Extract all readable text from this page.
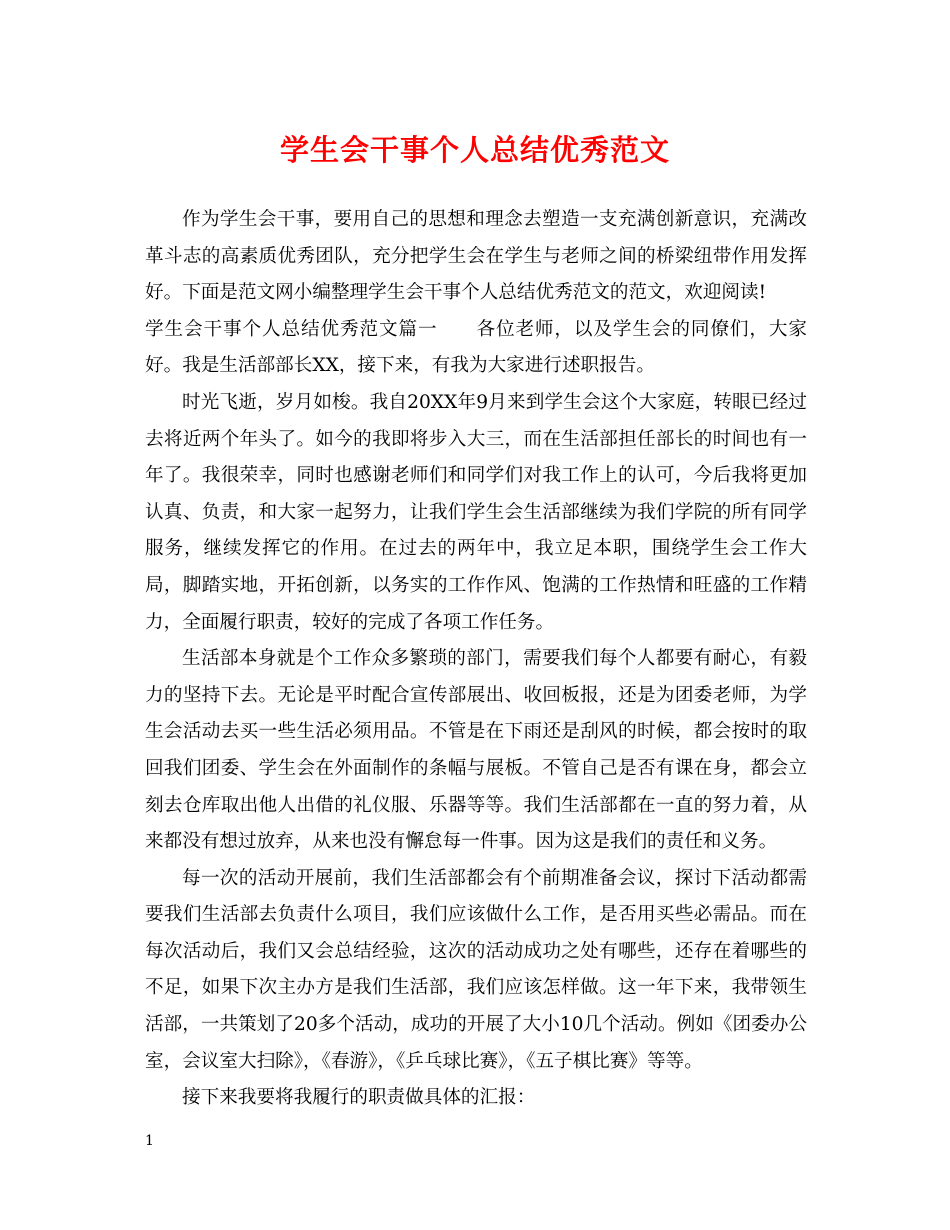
学生会干事个人总结优秀范文

作为学生会干事，要用自己的思想和理念去塑造一支充满创新意识，充满改革斗志的高素质优秀团队，充分把学生会在学生与老师之间的桥梁纽带作用发挥好。下面是范文网小编整理学生会干事个人总结优秀范文的范文，欢迎阅读!

学生会干事个人总结优秀范文篇一　　各位老师，以及学生会的同僚们，大家好。我是生活部部长XX，接下来，有我为大家进行述职报告。

时光飞逝，岁月如梭。我自20XX年9月来到学生会这个大家庭，转眼已经过去将近两个年头了。如今的我即将步入大三，而在生活部担任部长的时间也有一年了。我很荣幸，同时也感谢老师们和同学们对我工作上的认可，今后我将更加认真、负责，和大家一起努力，让我们学生会生活部继续为我们学院的所有同学服务，继续发挥它的作用。在过去的两年中，我立足本职，围绕学生会工作大局，脚踏实地，开拓创新，以务实的工作作风、饱满的工作热情和旺盛的工作精力，全面履行职责，较好的完成了各项工作任务。

生活部本身就是个工作众多繁琐的部门，需要我们每个人都要有耐心，有毅力的坚持下去。无论是平时配合宣传部展出、收回板报，还是为团委老师，为学生会活动去买一些生活必须用品。不管是在下雨还是刮风的时候，都会按时的取回我们团委、学生会在外面制作的条幅与展板。不管自己是否有课在身，都会立刻去仓库取出他人出借的礼仪服、乐器等等。我们生活部都在一直的努力着，从来都没有想过放弃，从来也没有懈怠每一件事。因为这是我们的责任和义务。

每一次的活动开展前，我们生活部都会有个前期准备会议，探讨下活动都需要我们生活部去负责什么项目，我们应该做什么工作，是否用买些必需品。而在每次活动后，我们又会总结经验，这次的活动成功之处有哪些，还存在着哪些的不足，如果下次主办方是我们生活部，我们应该怎样做。这一年下来，我带领生活部，一共策划了20多个活动，成功的开展了大小10几个活动。例如《团委办公室，会议室大扫除》，《春游》，《乒乓球比赛》，《五子棋比赛》等等。

接下来我要将我履行的职责做具体的汇报：

1
